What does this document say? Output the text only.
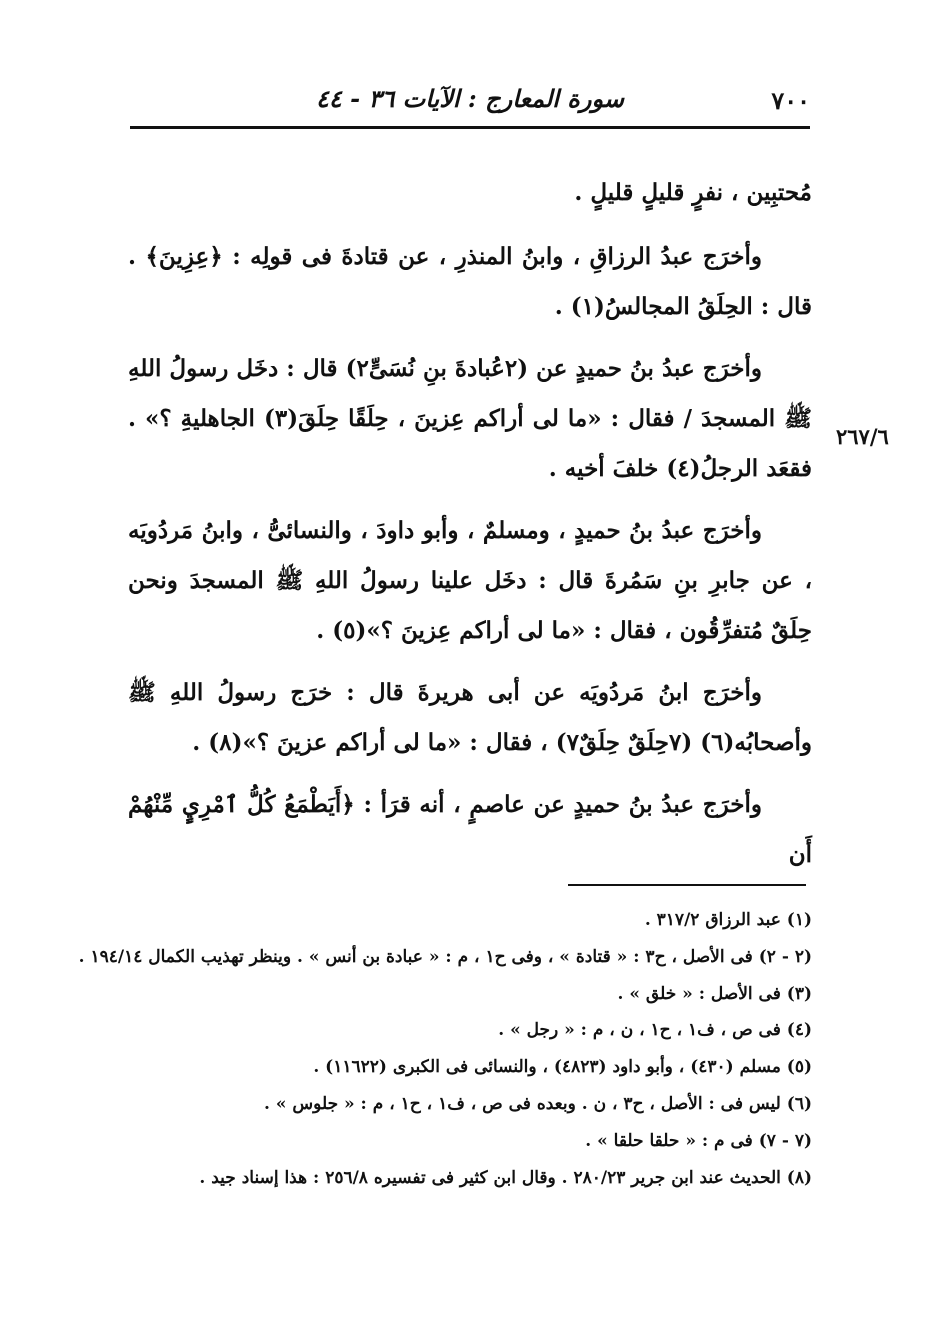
٧٠٠
سورة المعارج : الآيات ٣٦ - ٤٤
٢٦٧/٦

مُحتبِين ، نفرٍ قليلٍ قليلٍ .

وأخرَج عبدُ الرزاقِ ، وابنُ المنذرِ ، عن قتادةَ فى قولِه : ﴿عِزِينَ﴾ . قال : الحِلَقُ المجالسُ(١) .

وأخرَج عبدُ بنُ حميدٍ عن (٢عُبادةَ بنِ نُسَىٍّ٢) قال : دخَل رسولُ اللهِ ﷺ المسجدَ / فقال : «ما لى أراكم عِزينَ ، حِلَقًا حِلَقَ(٣) الجاهليةِ ؟» . فقعَد الرجلُ(٤) خلفَ أخيه .

وأخرَج عبدُ بنُ حميدٍ ، ومسلمٌ ، وأبو داودَ ، والنسائىُّ ، وابنُ مَردُويَه ، عن جابرِ بنِ سَمُرةَ قال : دخَل علينا رسولُ اللهِ ﷺ المسجدَ ونحن حِلَقٌ مُتفرِّقُون ، فقال : «ما لى أراكم عِزينَ ؟»(٥) .

وأخرَج ابنُ مَردُويَه عن أبى هريرةَ قال : خرَج رسولُ اللهِ ﷺ وأصحابُه(٦) (٧حِلَقٌ حِلَقٌ٧) ، فقال : «ما لى أراكم عزينَ ؟»(٨) .

وأخرَج عبدُ بنُ حميدٍ عن عاصمٍ ، أنه قرَأ : ﴿أَيَطْمَعُ كُلُّ ٱمْرِيٍٕ مِّنْهُمْ أَن

(١) عبد الرزاق ٣١٧/٢ .
(٢ - ٢) فى الأصل ، ح٣ : « قتادة » ، وفى ح١ ، م : « عبادة بن أنس » . وينظر تهذيب الكمال ١٩٤/١٤ .
(٣) فى الأصل : « خلق » .
(٤) فى ص ، ف١ ، ح١ ، ن ، م : « رجل » .
(٥) مسلم (٤٣٠) ، وأبو داود (٤٨٢٣) ، والنسائى فى الكبرى (١١٦٢٢) .
(٦) ليس فى : الأصل ، ح٣ ، ن . وبعده فى ص ، ف١ ، ح١ ، م : « جلوس » .
(٧ - ٧) فى م : « حلقا حلقا » .
(٨) الحديث عند ابن جرير ٢٨٠/٢٣ . وقال ابن كثير فى تفسيره ٢٥٦/٨ : هذا إسناد جيد .
